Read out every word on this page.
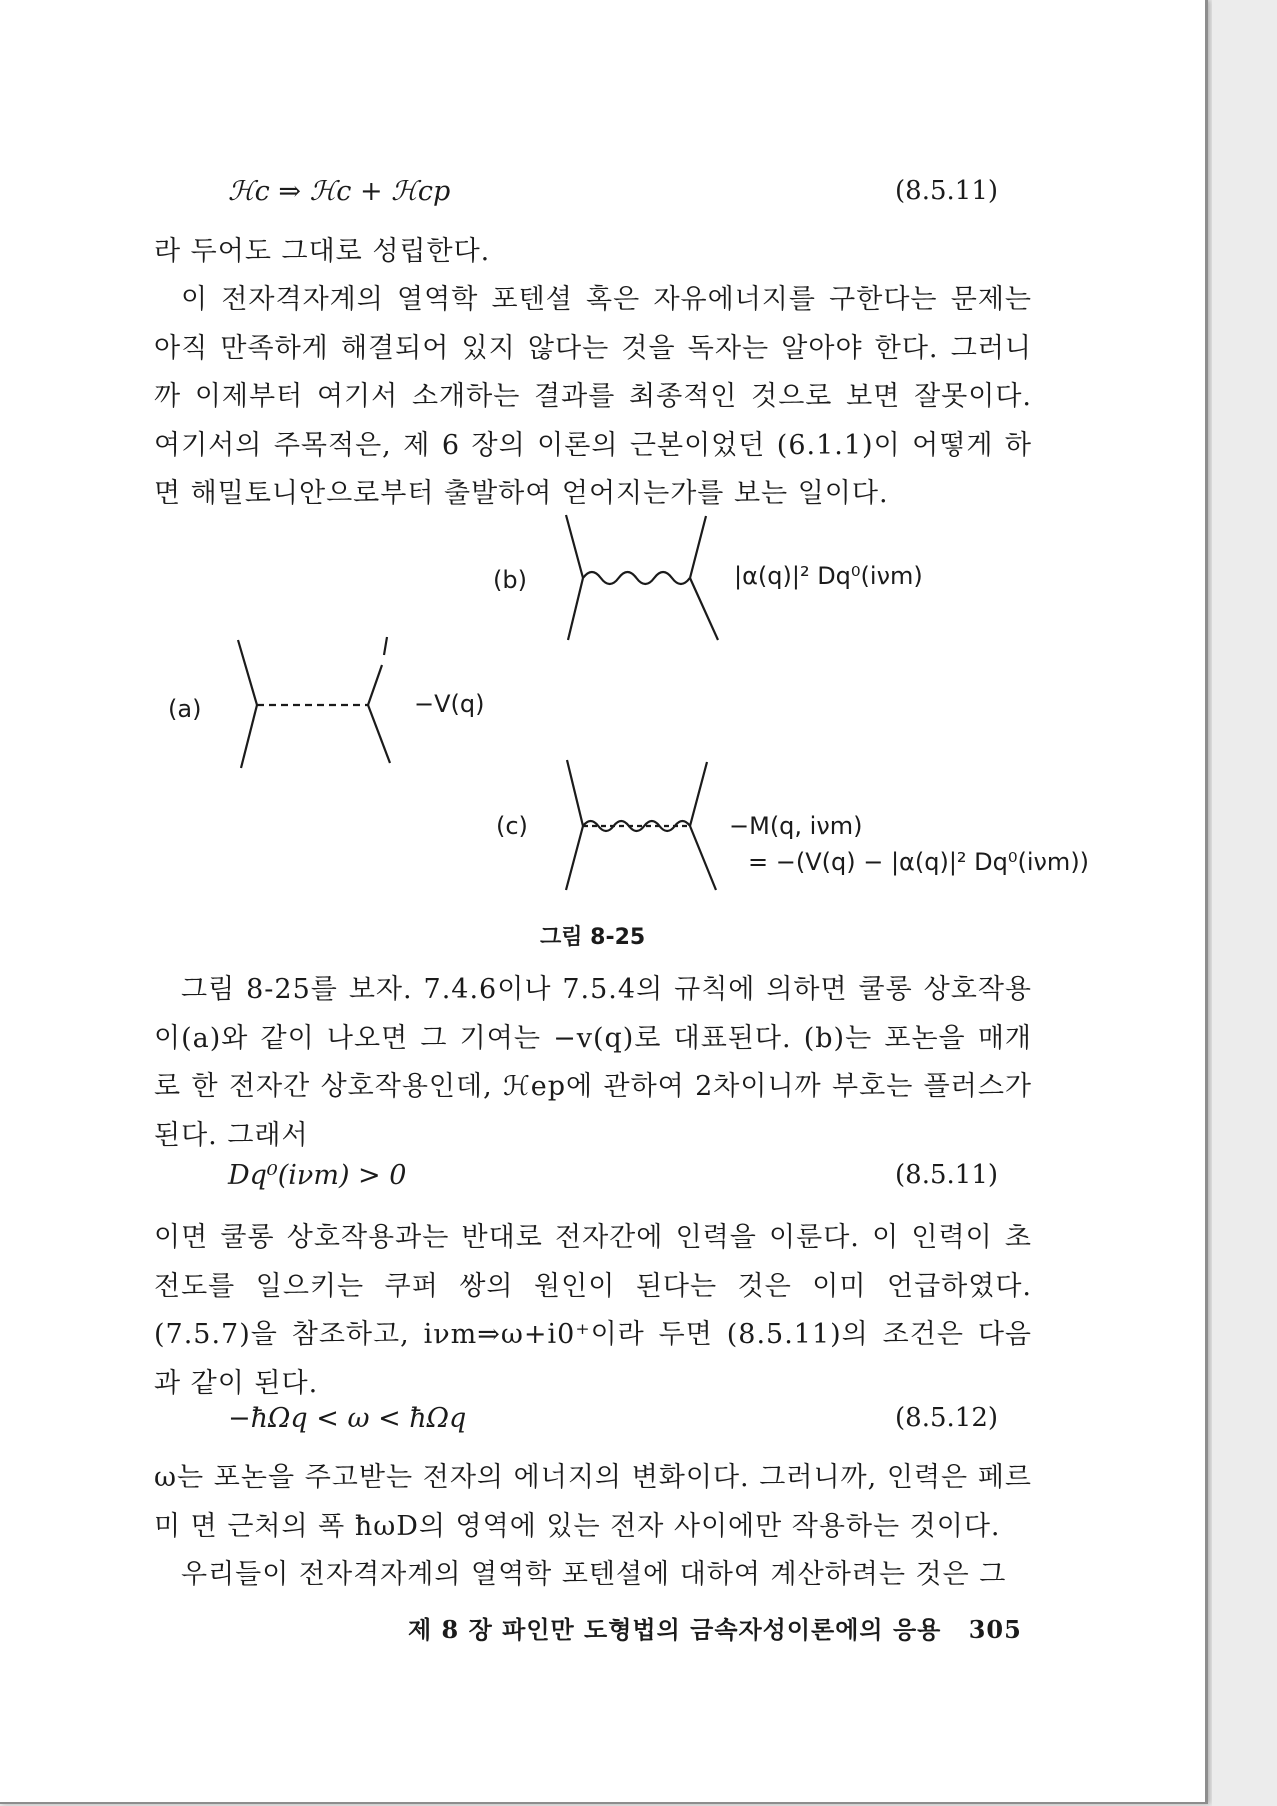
ℋc ⇒ ℋc + ℋcp	(8.5.11)
라 두어도 그대로 성립한다.
이 전자격자계의 열역학 포텐셜 혹은 자유에너지를 구한다는 문제는 아직 만족하게 해결되어 있지 않다는 것을 독자는 알아야 한다. 그러니까 이제부터 여기서 소개하는 결과를 최종적인 것으로 보면 잘못이다. 여기서의 주목적은, 제 6 장의 이론의 근본이었던 (6.1.1)이 어떻게 하면 해밀토니안으로부터 출발하여 얻어지는가를 보는 일이다.
(b)
(a)
(c)
|α(q)|² Dq⁰(iνm)
−V(q)
−M(q, iνm)
= −(V(q) − |α(q)|² Dq⁰(iνm))
그림 8-25
그림 8-25를 보자. 7.4.6이나 7.5.4의 규칙에 의하면 쿨롱 상호작용이(a)와 같이 나오면 그 기여는 −v(q)로 대표된다. (b)는 포논을 매개로 한 전자간 상호작용인데, ℋep에 관하여 2차이니까 부호는 플러스가 된다. 그래서
Dq⁰(iνm) > 0	(8.5.11)
이면 쿨롱 상호작용과는 반대로 전자간에 인력을 이룬다. 이 인력이 초전도를 일으키는 쿠퍼 쌍의 원인이 된다는 것은 이미 언급하였다. (7.5.7)을 참조하고, iνm⇒ω+i0⁺이라 두면 (8.5.11)의 조건은 다음과 같이 된다.
−ħΩq < ω < ħΩq	(8.5.12)
ω는 포논을 주고받는 전자의 에너지의 변화이다. 그러니까, 인력은 페르미 면 근처의 폭 ħωD의 영역에 있는 전자 사이에만 작용하는 것이다.
우리들이 전자격자계의 열역학 포텐셜에 대하여 계산하려는 것은 그
제 8 장 파인만 도형법의 금속자성이론에의 응용 305
